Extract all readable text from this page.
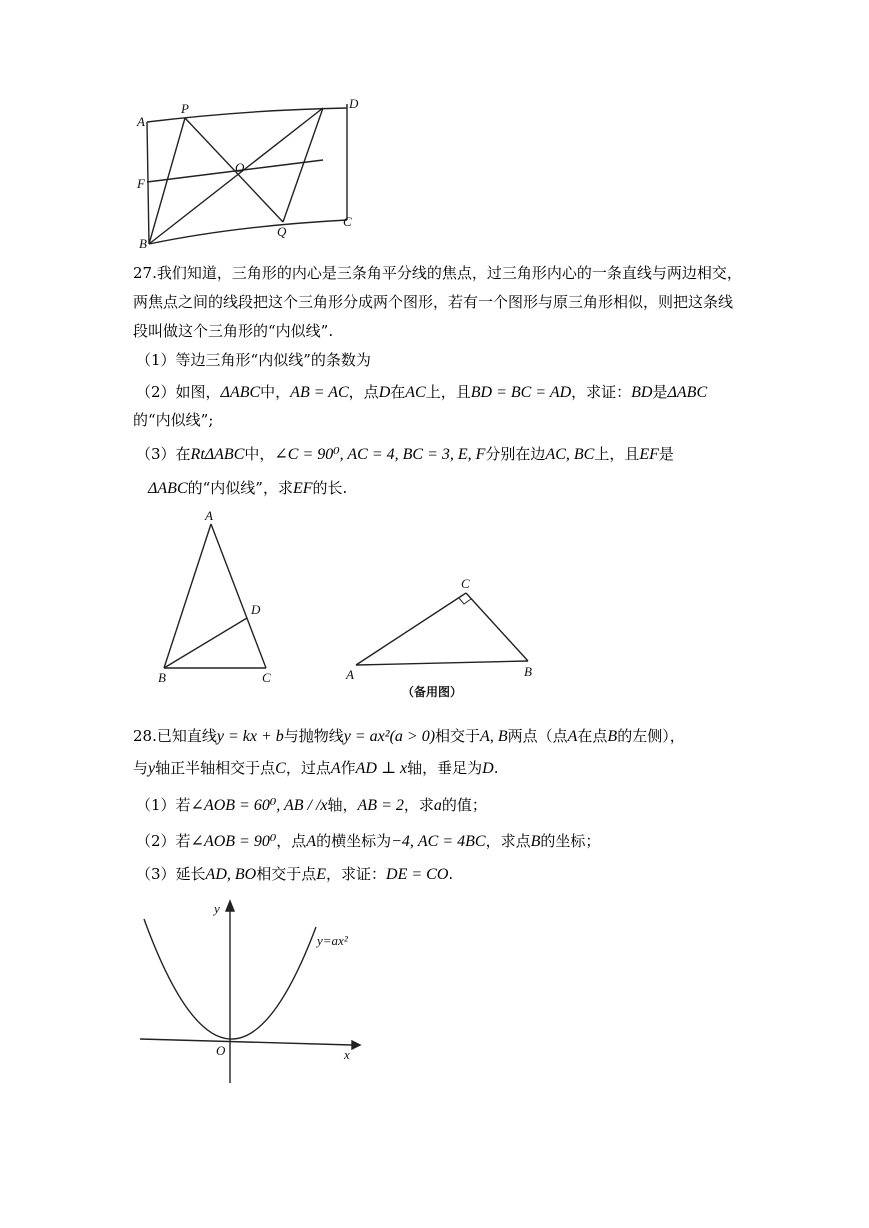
A
P	D
F
O
B
Q
C
27.我们知道，三角形的内心是三条角平分线的焦点，过三角形内心的一条直线与两边相交，
两焦点之间的线段把这个三角形分成两个图形，若有一个图形与原三角形相似，则把这条线
段叫做这个三角形的“内似线”.
（1）等边三角形“内似线”的条数为
（2）如图，ΔABC中，AB = AC，点D在AC上，且BD = BC = AD，求证：BD是ΔABC
的“内似线”;
（3）在RtΔABC中，∠C = 90⁰, AC = 4, BC = 3, E, F分别在边AC, BC上，且EF是
ΔABC的“内似线”，求EF的长.
A
D
B	C
C
A	B
（备用图）
28.已知直线y = kx + b与抛物线y = ax²(a > 0)相交于A, B两点（点A在点B的左侧），
与y轴正半轴相交于点C，过点A作AD ⊥ x轴，垂足为D.
（1）若∠AOB = 60⁰, AB / /x轴，AB = 2，求a的值；
（2）若∠AOB = 90⁰，点A的横坐标为−4, AC = 4BC，求点B的坐标；
（3）延长AD, BO相交于点E，求证：DE = CO.
y
y=ax²
O	x
